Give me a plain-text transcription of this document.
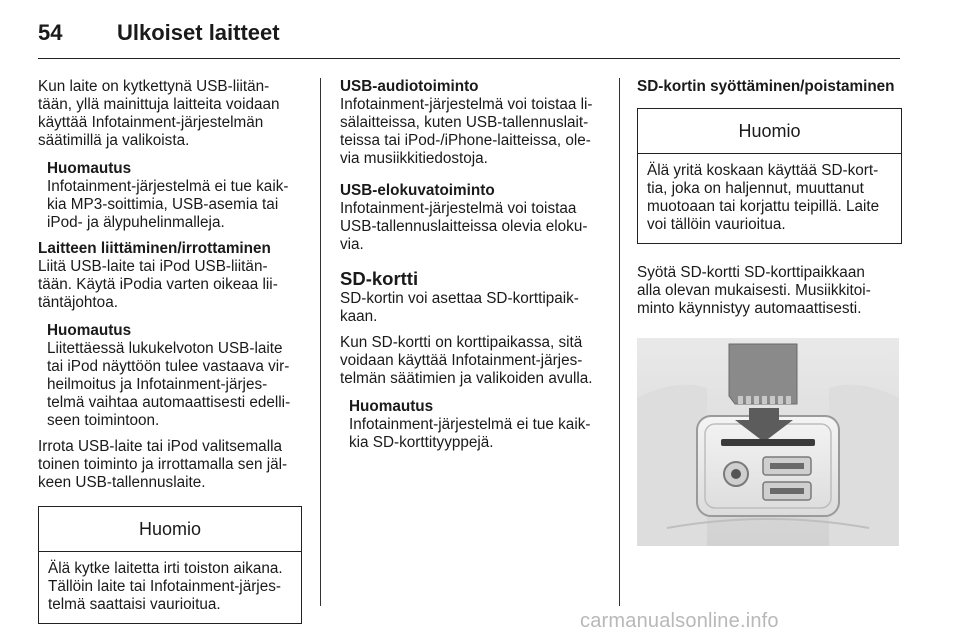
54 Ulkoiset laitteet

Kun laite on kytkettynä USB-liitän-
tään, yllä mainittuja laitteita voidaan
käyttää Infotainment-järjestelmän
säätimillä ja valikoista.

Huomautus

Infotainment-järjestelmä ei tue kaik-
kia MP3-soittimia, USB-asemia tai
iPod- ja älypuhelinmalleja.

Laitteen liittäminen/irrottaminen

Liitä USB-laite tai iPod USB-liitän-
tään. Käytä iPodia varten oikeaa lii-
täntäjohtoa.

Huomautus

Liitettäessä lukukelvoton USB-laite
tai iPod näyttöön tulee vastaava vir-
heilmoitus ja Infotainment-järjes-
telmä vaihtaa automaattisesti edelli-
seen toimintoon.

Irrota USB-laite tai iPod valitsemalla
toinen toiminto ja irrottamalla sen jäl-
keen USB-tallennuslaite.

Huomio
Älä kytke laitetta irti toiston aikana.
Tällöin laite tai Infotainment-järjes-
telmä saattaisi vaurioitua.

USB-audiotoiminto

Infotainment-järjestelmä voi toistaa li-
sälaitteissa, kuten USB-tallennuslait-
teissa tai iPod-/iPhone-laitteissa, ole-
via musiikkitiedostoja.

USB-elokuvatoiminto

Infotainment-järjestelmä voi toistaa
USB-tallennuslaitteissa olevia eloku-
via.

SD-kortti

SD-kortin voi asettaa SD-korttipaik-
kaan.

Kun SD-kortti on korttipaikassa, sitä
voidaan käyttää Infotainment-järjes-
telmän säätimien ja valikoiden avulla.

Huomautus

Infotainment-järjestelmä ei tue kaik-
kia SD-korttityyppejä.

SD-kortin syöttäminen/poistaminen

Huomio
Älä yritä koskaan käyttää SD-kort-
tia, joka on haljennut, muuttanut
muotoaan tai korjattu teipillä. Laite
voi tällöin vaurioitua.

Syötä SD-kortti SD-korttipaikkaan
alla olevan mukaisesti. Musiikkitoi-
minto käynnistyy automaattisesti.

carmanualsonline.info
